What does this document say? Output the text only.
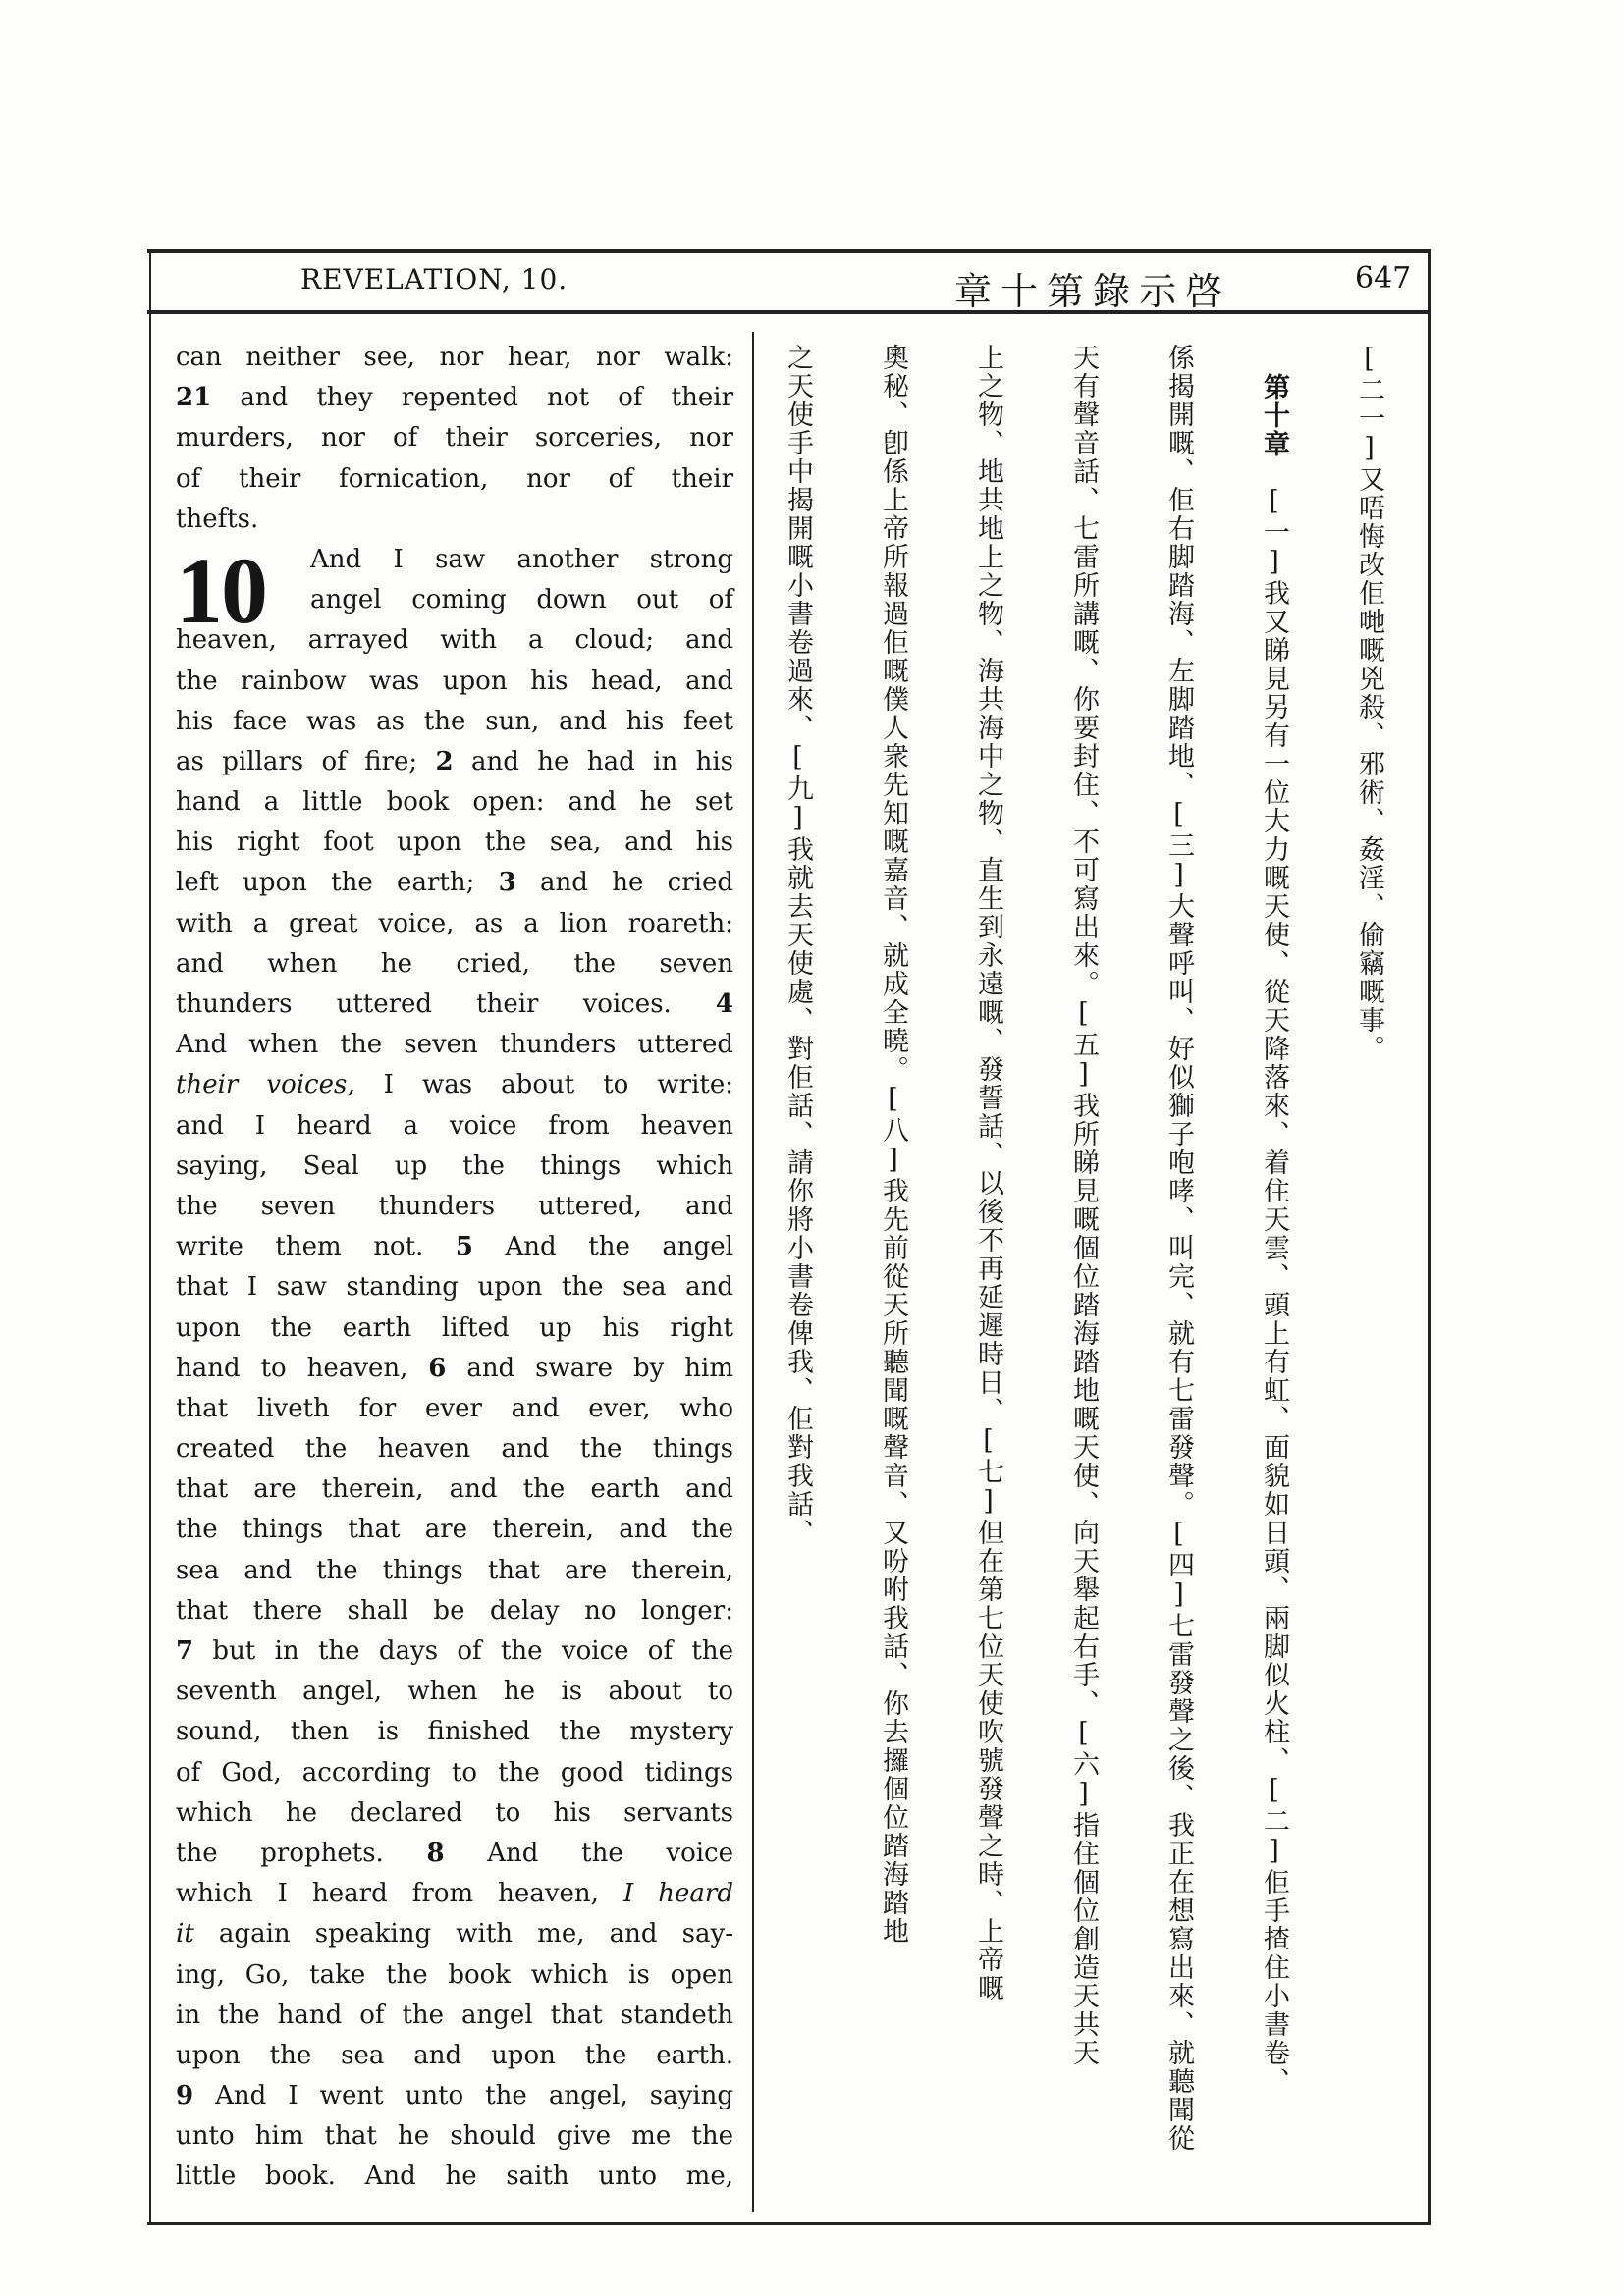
REVELATION, 10.	啓
示
錄
第
十
章	647
can neither see, nor hear, nor walk:
21 and they repented not of their
murders, nor of their sorceries, nor
of their fornication, nor of their
thefts.
10	And I saw another strong
angel coming down out of
heaven, arrayed with a cloud; and
the rainbow was upon his head, and
his face was as the sun, and his feet
as pillars of fire; 2 and he had in his
hand a little book open: and he set
his right foot upon the sea, and his
left upon the earth; 3 and he cried
with a great voice, as a lion roareth:
and when he cried, the seven
thunders uttered their voices. 4
And when the seven thunders uttered
their voices, I was about to write:
and I heard a voice from heaven
saying, Seal up the things which
the seven thunders uttered, and
write them not. 5 And the angel
that I saw standing upon the sea and
upon the earth lifted up his right
hand to heaven, 6 and sware by him
that liveth for ever and ever, who
created the heaven and the things
that are therein, and the earth and
the things that are therein, and the
sea and the things that are therein,
that there shall be delay no longer:
7 but in the days of the voice of the
seventh angel, when he is about to
sound, then is finished the mystery
of God, according to the good tidings
which he declared to his servants
the prophets. 8 And the voice
which I heard from heaven, I heard
it again speaking with me, and say-
ing, Go, take the book which is open
in the hand of the angel that standeth
upon the sea and upon the earth.
9 And I went unto the angel, saying
unto him that he should give me the
little book. And he saith unto me,
[二一]又唔悔改佢哋嘅兇殺、邪術、姦淫、偷竊嘅事。
第十章
[一]我又睇見另有一位大力嘅天使、從天降落來、着住天雲、頭上有虹、面貌如日頭、兩脚似火柱、[二]佢手揸住小書卷、
係揭開嘅、佢右脚踏海、左脚踏地、[三]大聲呼叫、好似獅子咆哮、叫完、就有七雷發聲。[四]七雷發聲之後、我正在想寫出來、就聽聞從
天有聲音話、七雷所講嘅、你要封住、不可寫出來。[五]我所睇見嘅個位踏海踏地嘅天使、向天舉起右手、[六]指住個位創造天共天
上之物、地共地上之物、海共海中之物、直生到永遠嘅、發誓話、以後不再延遲時日、[七]但在第七位天使吹號發聲之時、上帝嘅
奧秘、卽係上帝所報過佢嘅僕人衆先知嘅嘉音、就成全曉。[八]我先前從天所聽聞嘅聲音、又吩咐我話、你去攞個位踏海踏地
之天使手中揭開嘅小書卷過來、[九]我就去天使處、對佢話、請你將小書卷俾我、佢對我話、
